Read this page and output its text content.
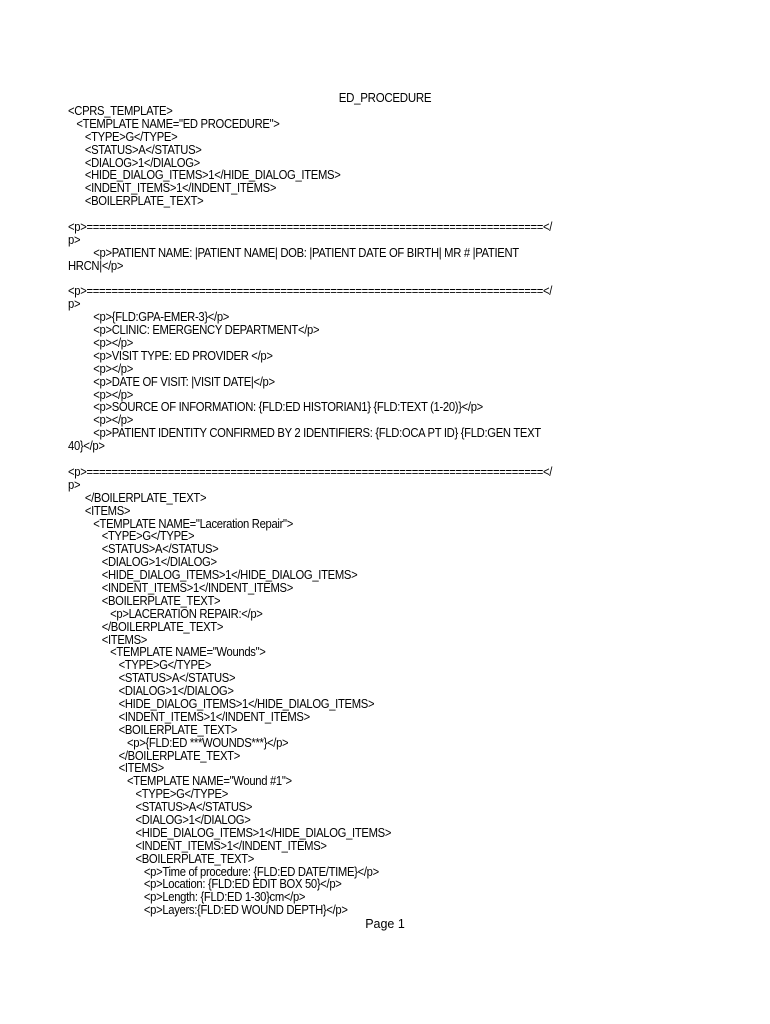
ED_PROCEDURE
<CPRS_TEMPLATE>
<TEMPLATE NAME="ED PROCEDURE">
<TYPE>G</TYPE>
<STATUS>A</STATUS>
<DIALOG>1</DIALOG>
<HIDE_DIALOG_ITEMS>1</HIDE_DIALOG_ITEMS>
<INDENT_ITEMS>1</INDENT_ITEMS>
<BOILERPLATE_TEXT>
<p>=========================================================================</
p>
<p>PATIENT NAME: |PATIENT NAME| DOB: |PATIENT DATE OF BIRTH| MR # |PATIENT
HRCN|</p>
<p>=========================================================================</
p>
<p>{FLD:GPA-EMER-3}</p>
<p>CLINIC: EMERGENCY DEPARTMENT</p>
<p></p>
<p>VISIT TYPE: ED PROVIDER </p>
<p></p>
<p>DATE OF VISIT: |VISIT DATE|</p>
<p></p>
<p>SOURCE OF INFORMATION: {FLD:ED HISTORIAN1} {FLD:TEXT (1-20)}</p>
<p></p>
<p>PATIENT IDENTITY CONFIRMED BY 2 IDENTIFIERS: {FLD:OCA PT ID} {FLD:GEN TEXT
40}</p>
<p>=========================================================================</
p>
</BOILERPLATE_TEXT>
<ITEMS>
<TEMPLATE NAME="Laceration Repair">
<TYPE>G</TYPE>
<STATUS>A</STATUS>
<DIALOG>1</DIALOG>
<HIDE_DIALOG_ITEMS>1</HIDE_DIALOG_ITEMS>
<INDENT_ITEMS>1</INDENT_ITEMS>
<BOILERPLATE_TEXT>
<p>LACERATION REPAIR:</p>
</BOILERPLATE_TEXT>
<ITEMS>
<TEMPLATE NAME="Wounds">
<TYPE>G</TYPE>
<STATUS>A</STATUS>
<DIALOG>1</DIALOG>
<HIDE_DIALOG_ITEMS>1</HIDE_DIALOG_ITEMS>
<INDENT_ITEMS>1</INDENT_ITEMS>
<BOILERPLATE_TEXT>
<p>{FLD:ED ***WOUNDS***}</p>
</BOILERPLATE_TEXT>
<ITEMS>
<TEMPLATE NAME="Wound #1">
<TYPE>G</TYPE>
<STATUS>A</STATUS>
<DIALOG>1</DIALOG>
<HIDE_DIALOG_ITEMS>1</HIDE_DIALOG_ITEMS>
<INDENT_ITEMS>1</INDENT_ITEMS>
<BOILERPLATE_TEXT>
<p>Time of procedure: {FLD:ED DATE/TIME}</p>
<p>Location: {FLD:ED EDIT BOX 50}</p>
<p>Length: {FLD:ED 1-30}cm</p>
<p>Layers:{FLD:ED WOUND DEPTH}</p>
Page 1
